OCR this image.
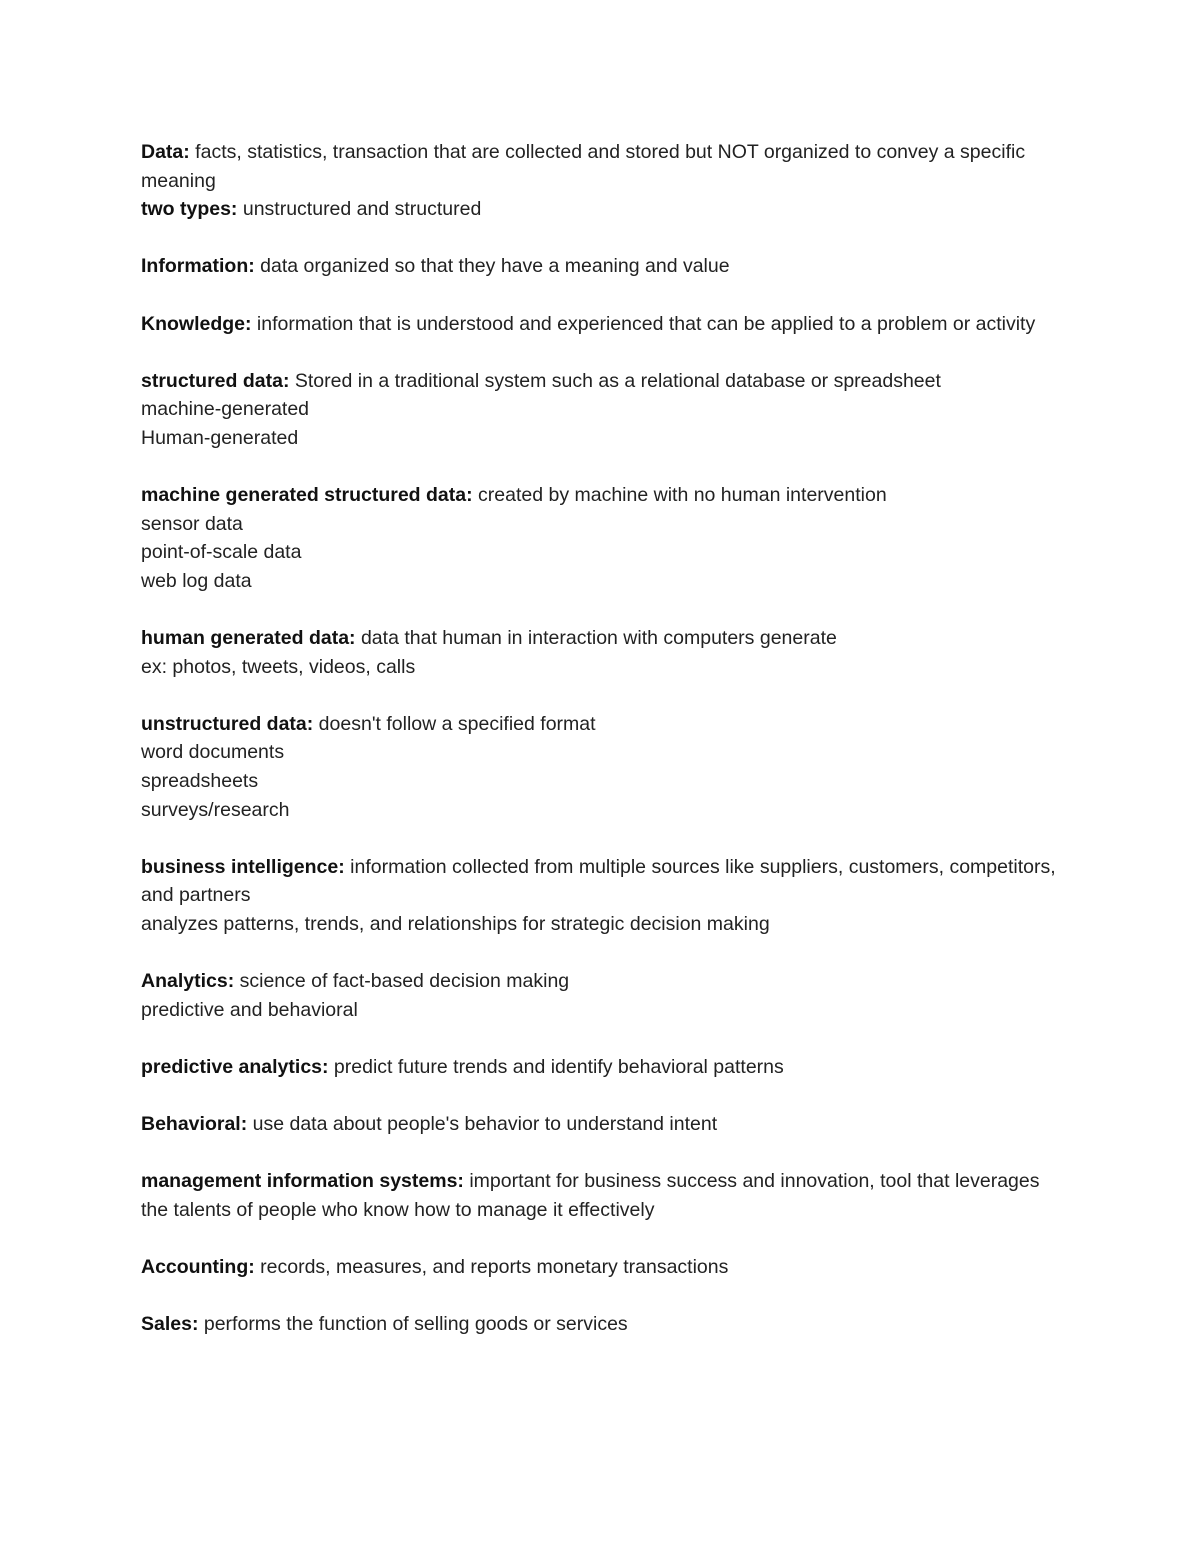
Data: facts, statistics, transaction that are collected and stored but NOT organized to convey a specific meaning
two types: unstructured and structured
Information: data organized so that they have a meaning and value
Knowledge: information that is understood and experienced that can be applied to a problem or activity
structured data: Stored in a traditional system such as a relational database or spreadsheet
machine-generated
Human-generated
machine generated structured data: created by machine with no human intervention
sensor data
point-of-scale data
web log data
human generated data: data that human in interaction with computers generate
ex: photos, tweets, videos, calls
unstructured data: doesn't follow a specified format
word documents
spreadsheets
surveys/research
business intelligence: information collected from multiple sources like suppliers, customers, competitors, and partners
analyzes patterns, trends, and relationships for strategic decision making
Analytics: science of fact-based decision making
predictive and behavioral
predictive analytics: predict future trends and identify behavioral patterns
Behavioral: use data about people's behavior to understand intent
management information systems: important for business success and innovation, tool that leverages the talents of people who know how to manage it effectively
Accounting: records, measures, and reports monetary transactions
Sales: performs the function of selling goods or services
